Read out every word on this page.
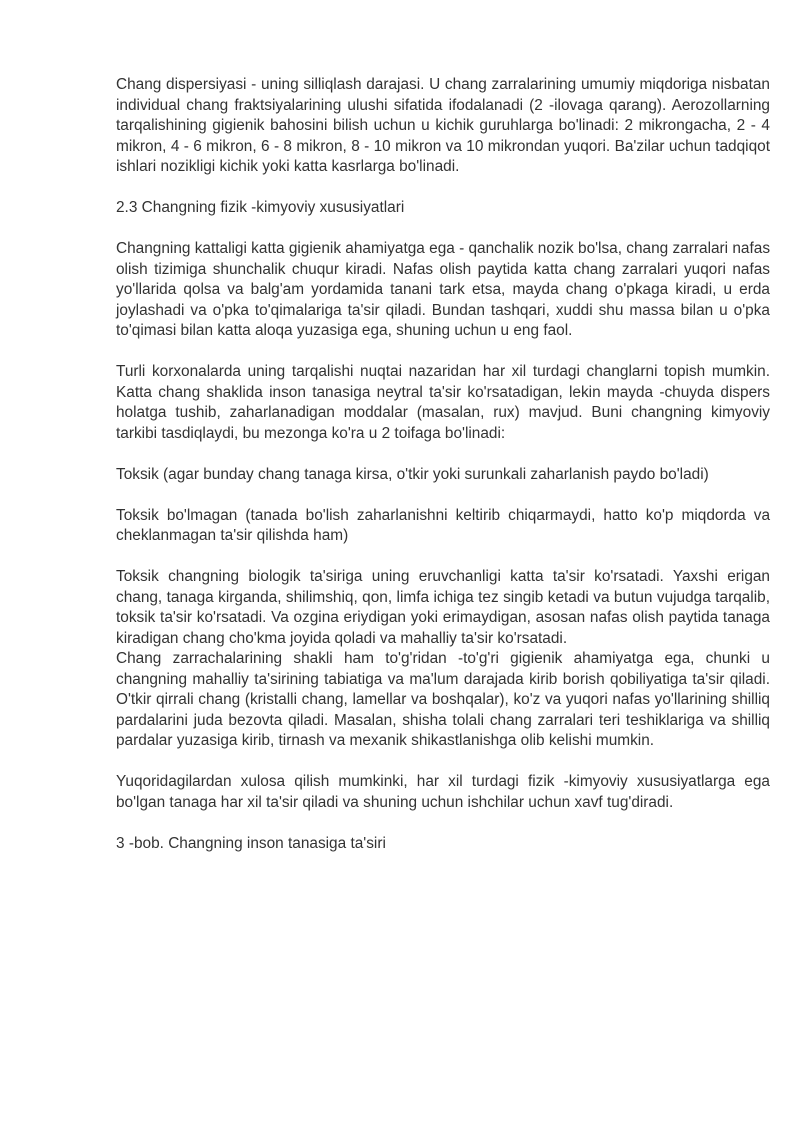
Chang dispersiyasi - uning silliqlash darajasi. U chang zarralarining umumiy miqdoriga nisbatan individual chang fraktsiyalarining ulushi sifatida ifodalanadi (2 -ilovaga qarang). Aerozollarning tarqalishining gigienik bahosini bilish uchun u kichik guruhlarga bo'linadi: 2 mikrongacha, 2 - 4 mikron, 4 - 6 mikron, 6 - 8 mikron, 8 - 10 mikron va 10 mikrondan yuqori. Ba'zilar uchun tadqiqot ishlari nozikligi kichik yoki katta kasrlarga bo'linadi.

2.3 Changning fizik -kimyoviy xususiyatlari

Changning kattaligi katta gigienik ahamiyatga ega - qanchalik nozik bo'lsa, chang zarralari nafas olish tizimiga shunchalik chuqur kiradi. Nafas olish paytida katta chang zarralari yuqori nafas yo'llarida qolsa va balg'am yordamida tanani tark etsa, mayda chang o'pkaga kiradi, u erda joylashadi va o'pka to'qimalariga ta'sir qiladi. Bundan tashqari, xuddi shu massa bilan u o'pka to'qimasi bilan katta aloqa yuzasiga ega, shuning uchun u eng faol.

Turli korxonalarda uning tarqalishi nuqtai nazaridan har xil turdagi changlarni topish mumkin. Katta chang shaklida inson tanasiga neytral ta'sir ko'rsatadigan, lekin mayda -chuyda dispers holatga tushib, zaharlanadigan moddalar (masalan, rux) mavjud. Buni changning kimyoviy tarkibi tasdiqlaydi, bu mezonga ko'ra u 2 toifaga bo'linadi:

Toksik (agar bunday chang tanaga kirsa, o'tkir yoki surunkali zaharlanish paydo bo'ladi)

Toksik bo'lmagan (tanada bo'lish zaharlanishni keltirib chiqarmaydi, hatto ko'p miqdorda va cheklanmagan ta'sir qilishda ham)

Toksik changning biologik ta'siriga uning eruvchanligi katta ta'sir ko'rsatadi. Yaxshi erigan chang, tanaga kirganda, shilimshiq, qon, limfa ichiga tez singib ketadi va butun vujudga tarqalib, toksik ta'sir ko'rsatadi. Va ozgina eriydigan yoki erimaydigan, asosan nafas olish paytida tanaga kiradigan chang cho'kma joyida qoladi va mahalliy ta'sir ko'rsatadi.

Chang zarrachalarining shakli ham to'g'ridan -to'g'ri gigienik ahamiyatga ega, chunki u changning mahalliy ta'sirining tabiatiga va ma'lum darajada kirib borish qobiliyatiga ta'sir qiladi. O'tkir qirrali chang (kristalli chang, lamellar va boshqalar), ko'z va yuqori nafas yo'llarining shilliq pardalarini juda bezovta qiladi. Masalan, shisha tolali chang zarralari teri teshiklariga va shilliq pardalar yuzasiga kirib, tirnash va mexanik shikastlanishga olib kelishi mumkin.

Yuqoridagilardan xulosa qilish mumkinki, har xil turdagi fizik -kimyoviy xususiyatlarga ega bo'lgan tanaga har xil ta'sir qiladi va shuning uchun ishchilar uchun xavf tug'diradi.

3 -bob. Changning inson tanasiga ta'siri
